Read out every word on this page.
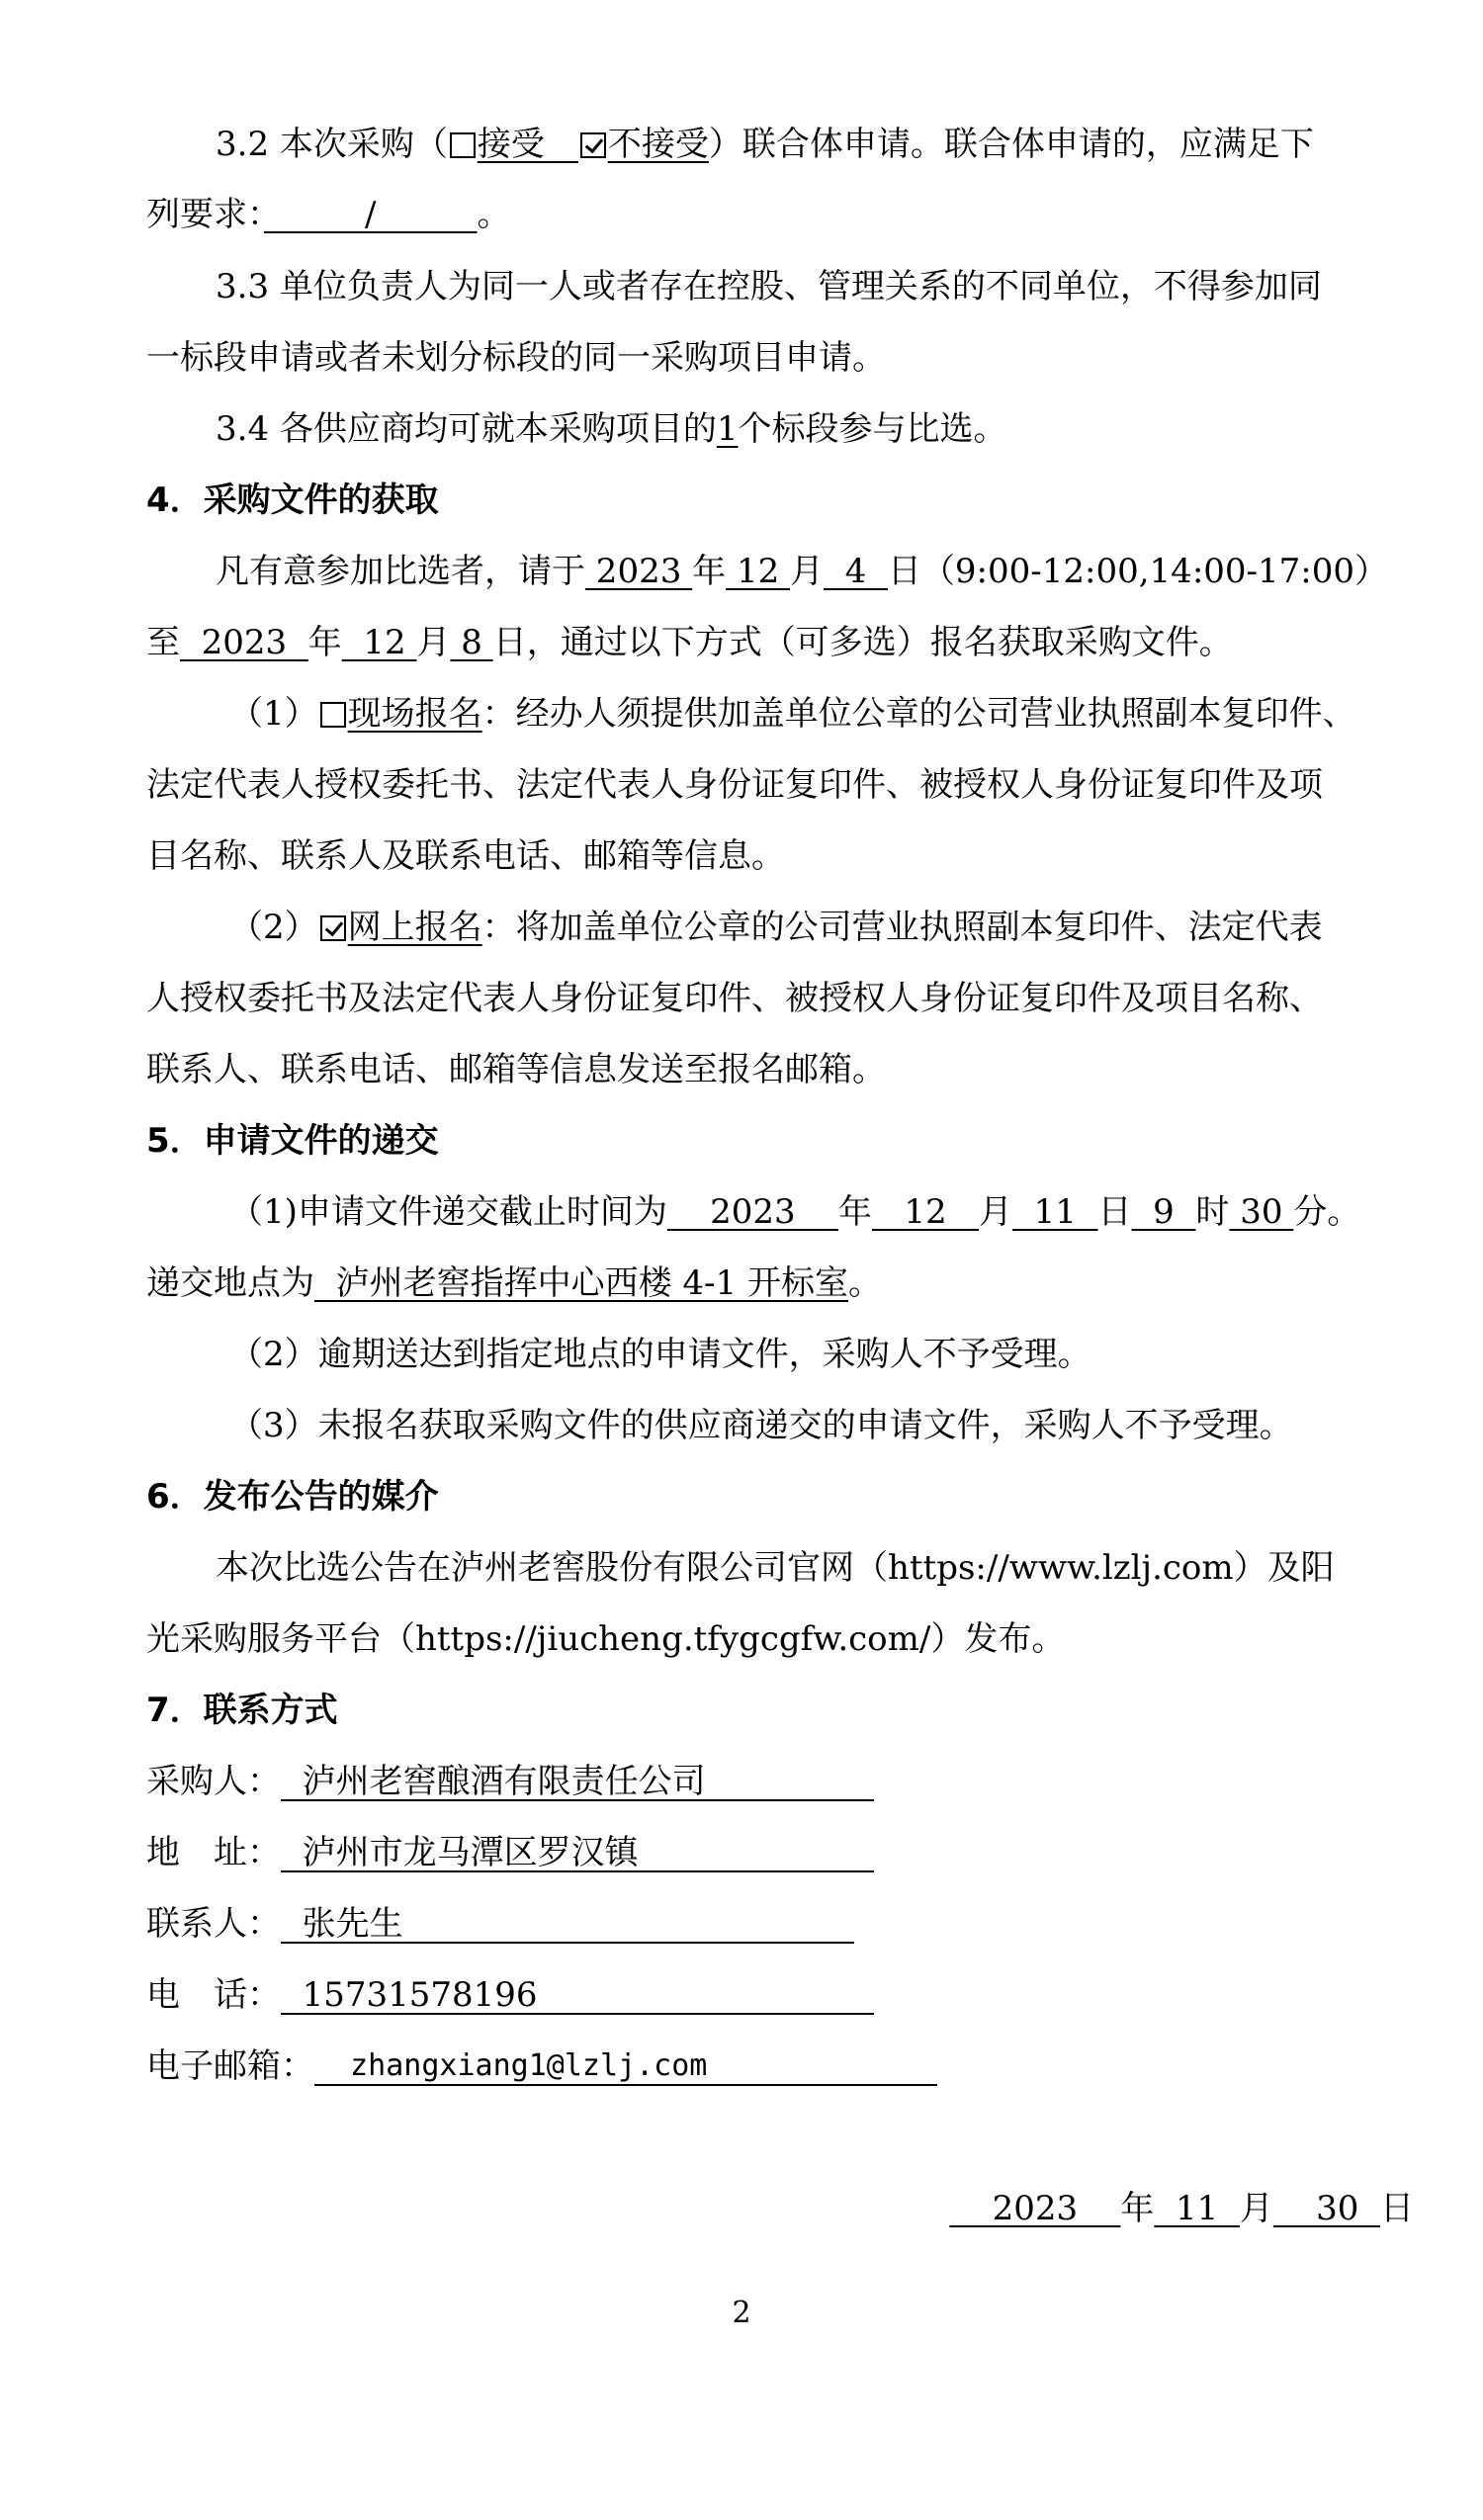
3.2 本次采购（ 接受　 不接受）联合体申请。联合体申请的，应满足下
列要求：　　　/　　　。
3.3 单位负责人为同一人或者存在控股、管理关系的不同单位，不得参加同
一标段申请或者未划分标段的同一采购项目申请。
3.4 各供应商均可就本采购项目的1个标段参与比选。
4．采购文件的获取
凡有意参加比选者，请于 2023 年 12 月  4  日（9:00-12:00,14:00-17:00）
至  2023  年  12 月 8 日，通过以下方式（可多选）报名获取采购文件。
（1） 现场报名：经办人须提供加盖单位公章的公司营业执照副本复印件、
法定代表人授权委托书、法定代表人身份证复印件、被授权人身份证复印件及项
目名称、联系人及联系电话、邮箱等信息。
（2） 网上报名：将加盖单位公章的公司营业执照副本复印件、法定代表
人授权委托书及法定代表人身份证复印件、被授权人身份证复印件及项目名称、
联系人、联系电话、邮箱等信息发送至报名邮箱。
5．申请文件的递交
（1)申请文件递交截止时间为    2023    年   12   月  11  日  9  时 30 分。
递交地点为  泸州老窖指挥中心西楼 4-1 开标室。
（2）逾期送达到指定地点的申请文件，采购人不予受理。
（3）未报名获取采购文件的供应商递交的申请文件，采购人不予受理。
6．发布公告的媒介
本次比选公告在泸州老窖股份有限公司官网（https://www.lzlj.com）及阳
光采购服务平台（https://jiucheng.tfygcgfw.com/）发布。
7．联系方式
采购人：  泸州老窖酿酒有限责任公司
地　址：  泸州市龙马潭区罗汉镇
联系人：  张先生
电　话：  15731578196
电子邮箱：  zhangxiang1@lzlj.com
2023    年  11  月    30  日
2
